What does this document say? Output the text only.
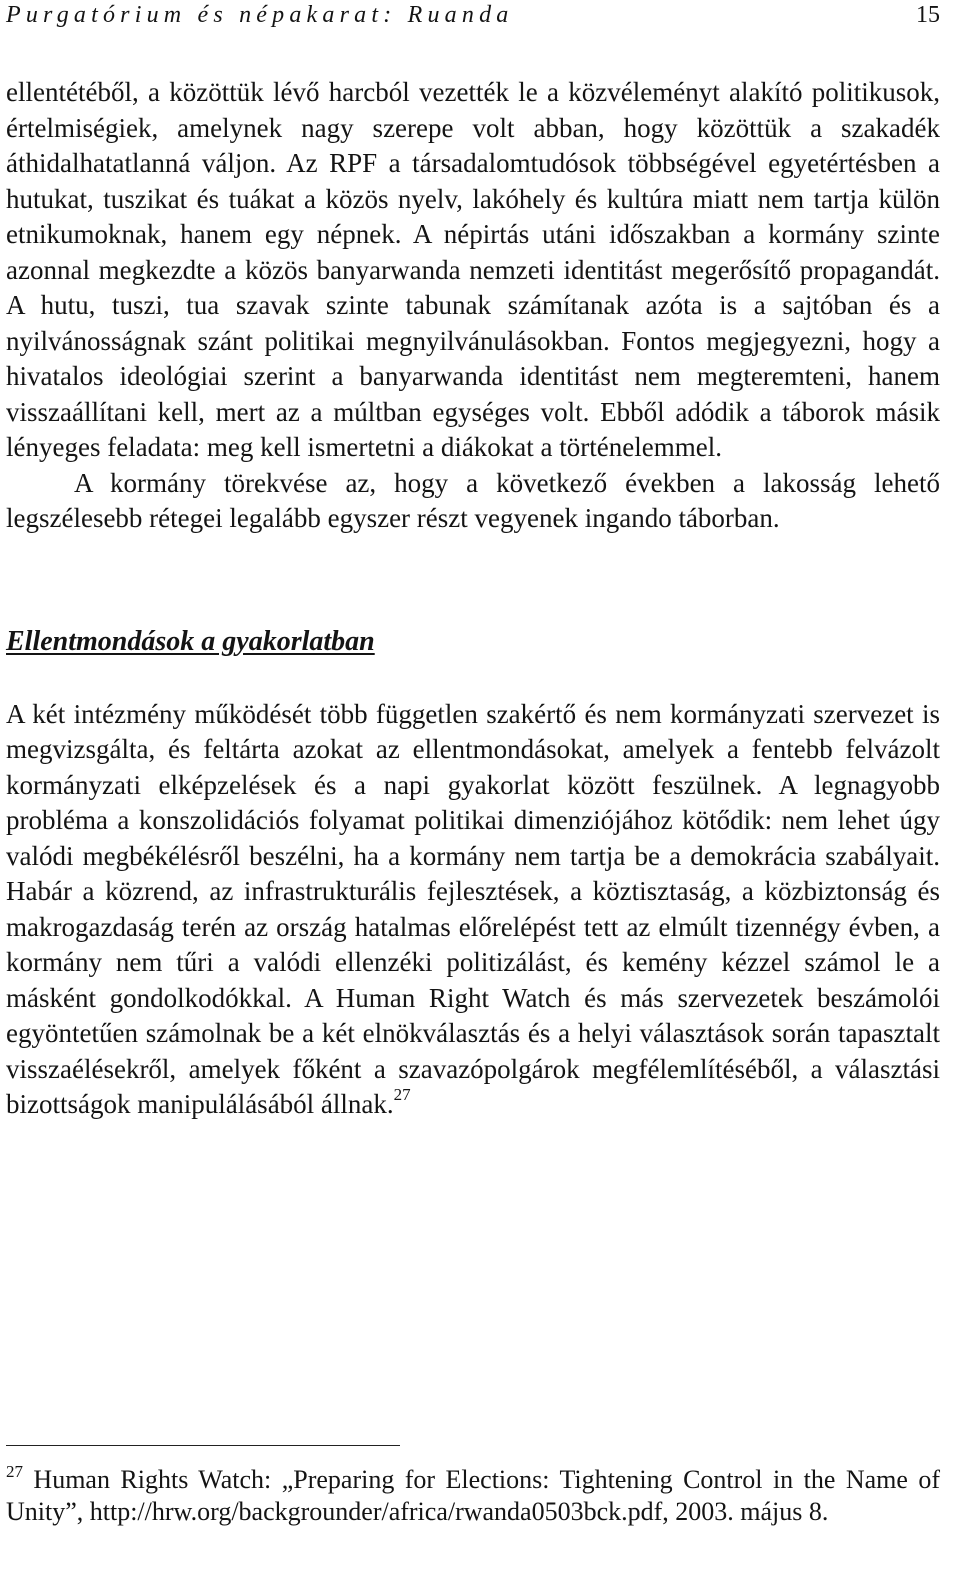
Purgatórium és népakarat: Ruanda	15

ellentétéből, a közöttük lévő harcból vezették le a közvéleményt alakító politikusok, értelmiségiek, amelynek nagy szerepe volt abban, hogy közöttük a szakadék áthidalhatatlanná váljon. Az RPF a társadalomtudósok többségével egyetértésben a hutukat, tuszikat és tuákat a közös nyelv, lakóhely és kultúra miatt nem tartja külön etnikumoknak, hanem egy népnek. A népirtás utáni időszakban a kormány szinte azonnal megkezdte a közös banyarwanda nemzeti identitást megerősítő propagandát. A hutu, tuszi, tua szavak szinte tabunak számítanak azóta is a sajtóban és a nyilvánosságnak szánt politikai megnyilvánulásokban. Fontos megjegyezni, hogy a hivatalos ideológiai szerint a banyarwanda identitást nem megteremteni, hanem visszaállítani kell, mert az a múltban egységes volt. Ebből adódik a táborok másik lényeges feladata: meg kell ismertetni a diákokat a történelemmel.

A kormány törekvése az, hogy a következő években a lakosság lehető legszélesebb rétegei legalább egyszer részt vegyenek ingando táborban.

Ellentmondások a gyakorlatban

A két intézmény működését több független szakértő és nem kormányzati szervezet is megvizsgálta, és feltárta azokat az ellentmondásokat, amelyek a fentebb felvázolt kormányzati elképzelések és a napi gyakorlat között feszülnek. A legnagyobb probléma a konszolidációs folyamat politikai dimenziójához kötődik: nem lehet úgy valódi megbékélésről beszélni, ha a kormány nem tartja be a demokrácia szabályait. Habár a közrend, az infrastrukturális fejlesztések, a köztisztaság, a közbiztonság és makrogazdaság terén az ország hatalmas előrelépést tett az elmúlt tizennégy évben, a kormány nem tűri a valódi ellenzéki politizálást, és kemény kézzel számol le a másként gondolkodókkal. A Human Right Watch és más szervezetek beszámolói egyöntetűen számolnak be a két elnökválasztás és a helyi választások során tapasztalt visszaélésekről, amelyek főként a szavazópolgárok megfélemlítéséből, a választási bizottságok manipulálásából állnak.$^{27}$

$^{27}$ Human Rights Watch: „Preparing for Elections: Tightening Control in the Name of Unity”, http://hrw.org/backgrounder/africa/rwanda0503bck.pdf, 2003. május 8.
